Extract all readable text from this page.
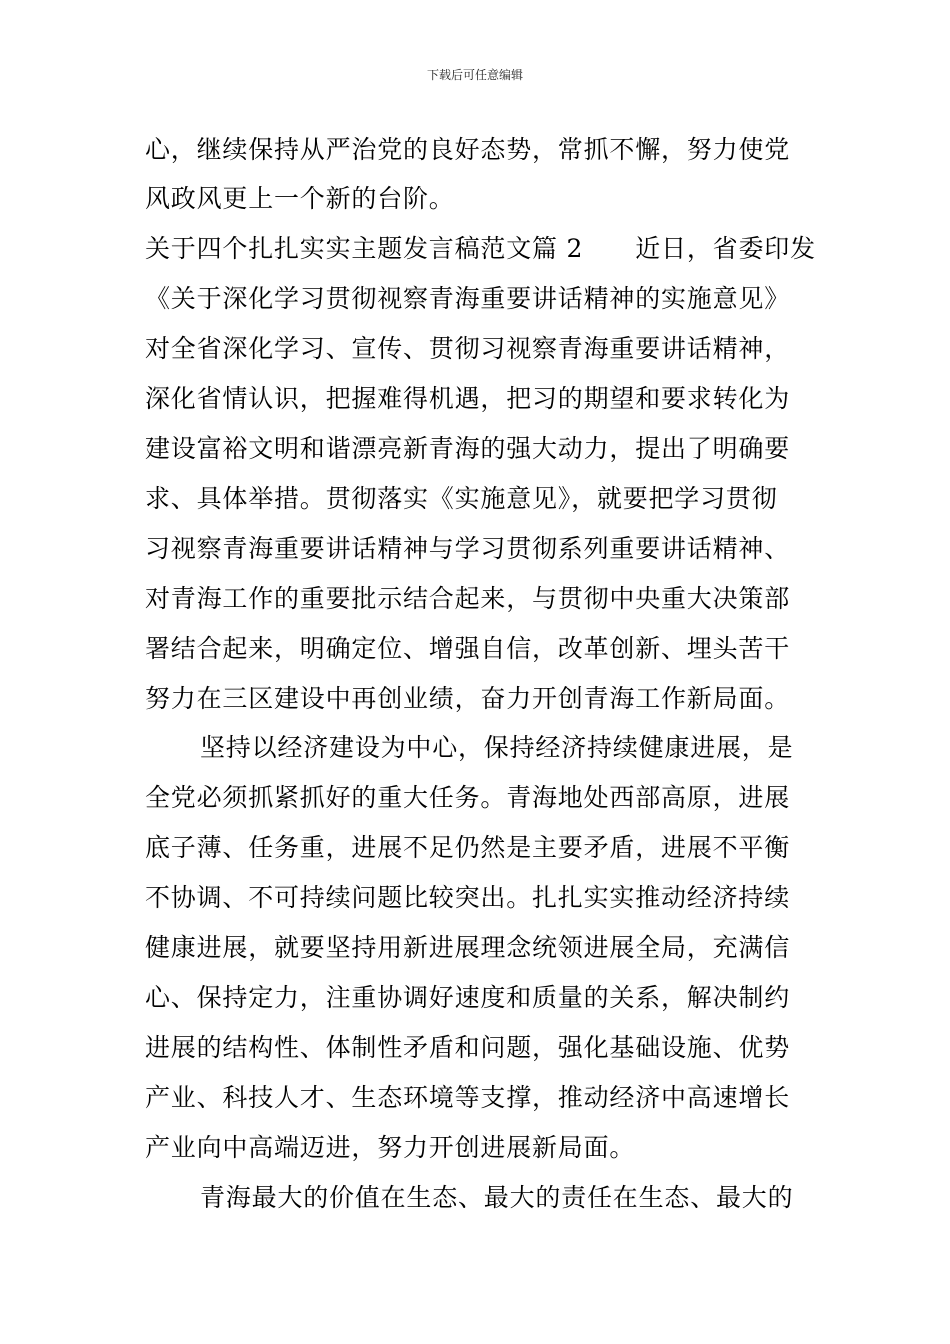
下载后可任意编辑
心，继续保持从严治党的良好态势，常抓不懈，努力使党
风政风更上一个新的台阶。
关于四个扎扎实实主题发言稿范文篇 2 近日，省委印发
《关于深化学习贯彻视察青海重要讲话精神的实施意见》
对全省深化学习、宣传、贯彻习视察青海重要讲话精神，
深化省情认识，把握难得机遇，把习的期望和要求转化为
建设富裕文明和谐漂亮新青海的强大动力，提出了明确要
求、具体举措。贯彻落实《实施意见》，就要把学习贯彻
习视察青海重要讲话精神与学习贯彻系列重要讲话精神、
对青海工作的重要批示结合起来，与贯彻中央重大决策部
署结合起来，明确定位、增强自信，改革创新、埋头苦干
努力在三区建设中再创业绩，奋力开创青海工作新局面。
坚持以经济建设为中心，保持经济持续健康进展，是
全党必须抓紧抓好的重大任务。青海地处西部高原，进展
底子薄、任务重，进展不足仍然是主要矛盾，进展不平衡
不协调、不可持续问题比较突出。扎扎实实推动经济持续
健康进展，就要坚持用新进展理念统领进展全局，充满信
心、保持定力，注重协调好速度和质量的关系，解决制约
进展的结构性、体制性矛盾和问题，强化基础设施、优势
产业、科技人才、生态环境等支撑，推动经济中高速增长
产业向中高端迈进，努力开创进展新局面。
青海最大的价值在生态、最大的责任在生态、最大的
